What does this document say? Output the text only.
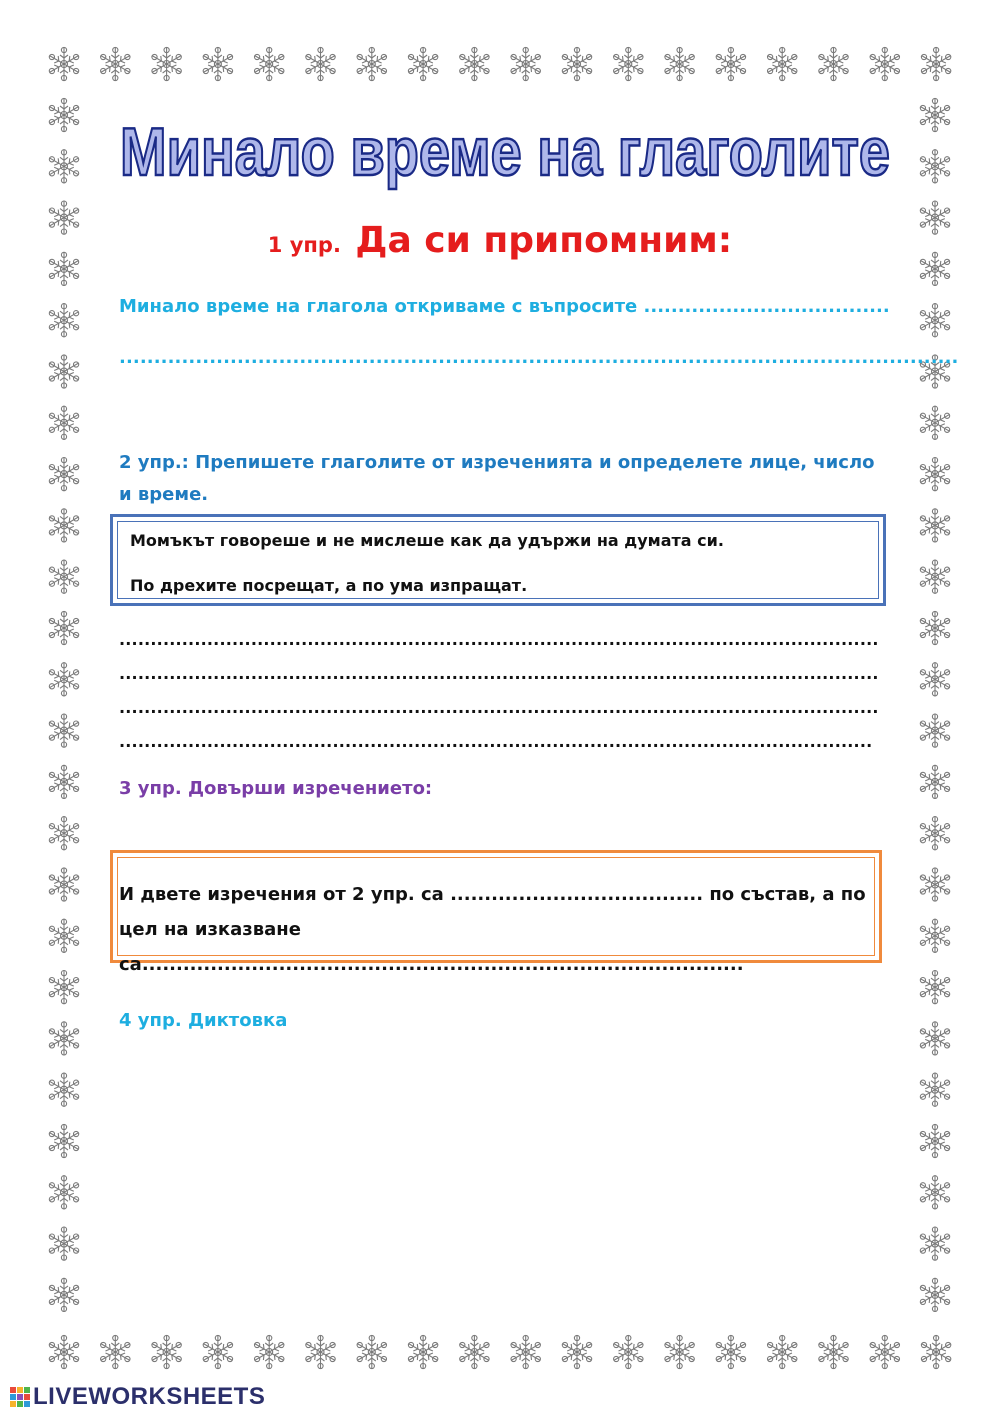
Минало време на глаголите
1 упр. Да си припомним:
Минало време на глагола откриваме с въпросите ....................................
.........................................................................................................................
2 упр.: Препишете глаголите от изреченията и определете лице, число и време.
Момъкът говореше и не мислеше как да удържи на думата си.
По дрехите посрещат, а по ума изпращат.
.........................................................................................................................
.........................................................................................................................
.........................................................................................................................
........................................................................................................................
3 упр. Довърши изречението:
И двете изречения от 2 упр. са ..................................... по състав, а по цел на изказване са........................................................................................
4 упр. Диктовка
LIVEWORKSHEETS
